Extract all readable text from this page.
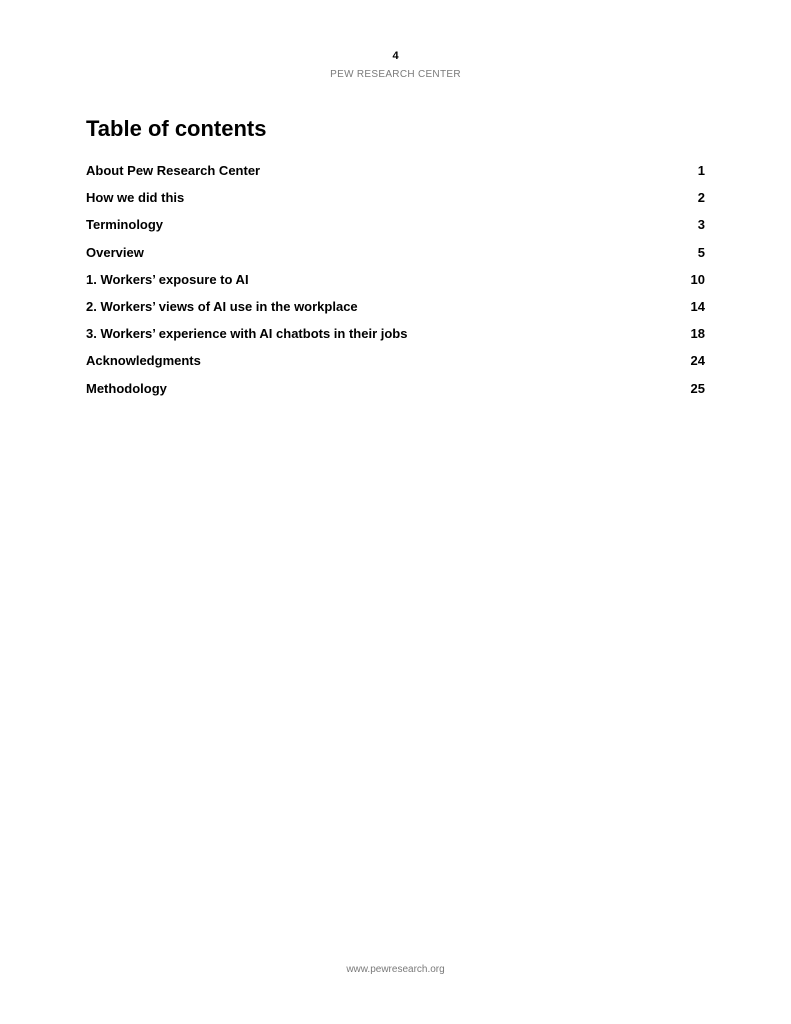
4
PEW RESEARCH CENTER
Table of contents
About Pew Research Center	1
How we did this	2
Terminology	3
Overview	5
1. Workers’ exposure to AI	10
2. Workers’ views of AI use in the workplace	14
3. Workers’ experience with AI chatbots in their jobs	18
Acknowledgments	24
Methodology	25
www.pewresearch.org
